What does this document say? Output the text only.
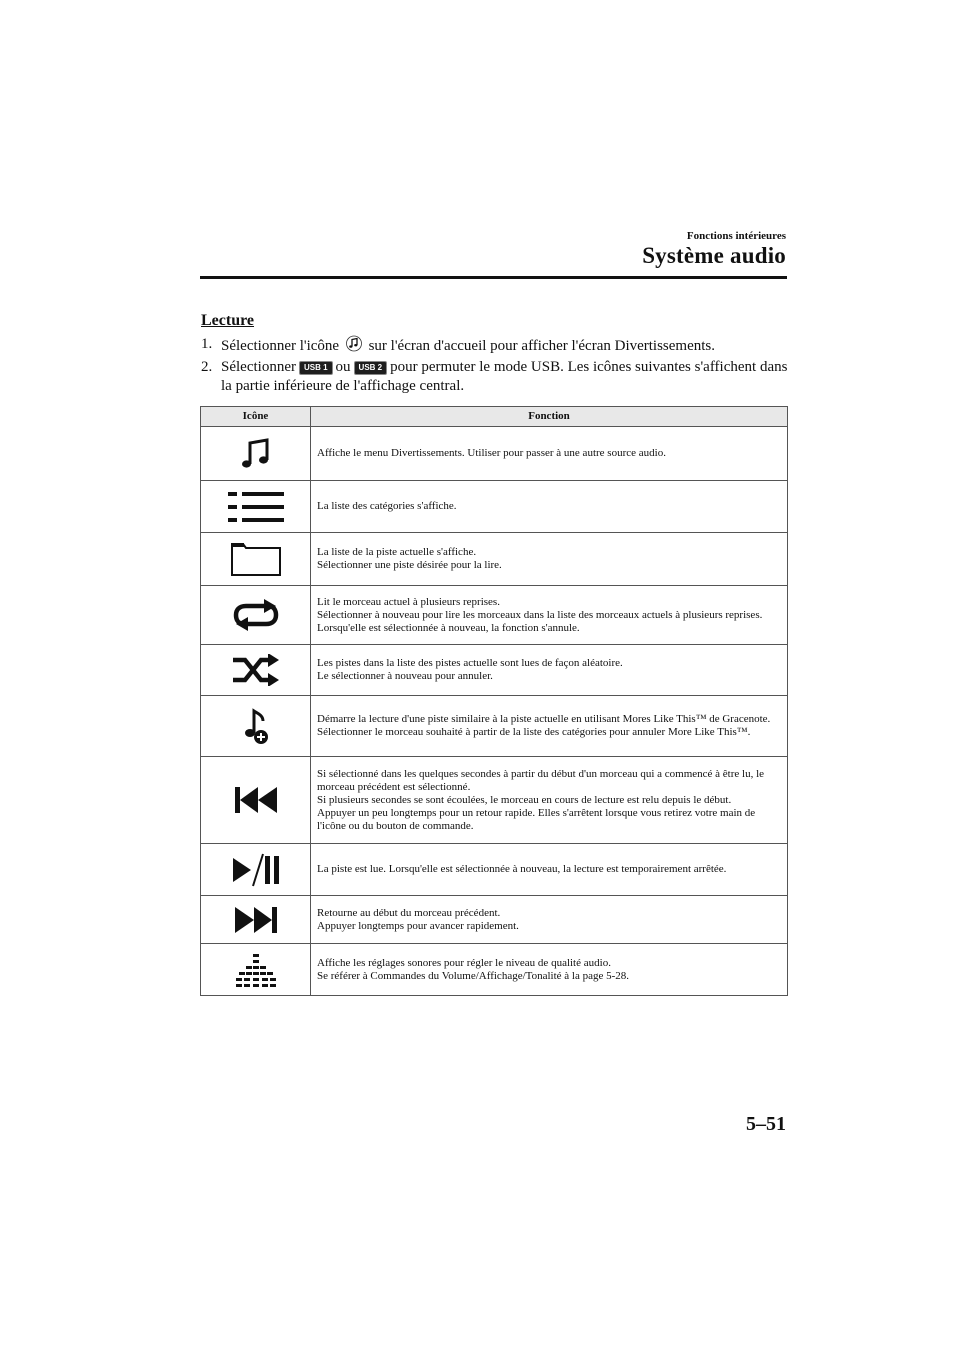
Fonctions intérieures
Système audio
Lecture
1. Sélectionner l'icône sur l'écran d'accueil pour afficher l'écran Divertissements.
2. Sélectionner USB 1 ou USB 2 pour permuter le mode USB. Les icônes suivantes s'affichent dans la partie inférieure de l'affichage central.
Icône	Fonction

Affiche le menu Divertissements. Utiliser pour passer à une autre source audio.

La liste des catégories s'affiche.

La liste de la piste actuelle s'affiche.
Sélectionner une piste désirée pour la lire.

Lit le morceau actuel à plusieurs reprises.
Sélectionner à nouveau pour lire les morceaux dans la liste des morceaux actuels à plusieurs reprises.
Lorsqu'elle est sélectionnée à nouveau, la fonction s'annule.

Les pistes dans la liste des pistes actuelle sont lues de façon aléatoire.
Le sélectionner à nouveau pour annuler.

Démarre la lecture d'une piste similaire à la piste actuelle en utilisant Mores Like This™ de Gracenote.
Sélectionner le morceau souhaité à partir de la liste des catégories pour annuler More Like This™.

Si sélectionné dans les quelques secondes à partir du début d'un morceau qui a commencé à être lu, le morceau précédent est sélectionné.
Si plusieurs secondes se sont écoulées, le morceau en cours de lecture est relu depuis le début.
Appuyer un peu longtemps pour un retour rapide. Elles s'arrêtent lorsque vous retirez votre main de l'icône ou du bouton de commande.

La piste est lue. Lorsqu'elle est sélectionnée à nouveau, la lecture est temporairement arrêtée.

Retourne au début du morceau précédent.
Appuyer longtemps pour avancer rapidement.

Affiche les réglages sonores pour régler le niveau de qualité audio.
Se référer à Commandes du Volume/Affichage/Tonalité à la page 5-28.
5–51
